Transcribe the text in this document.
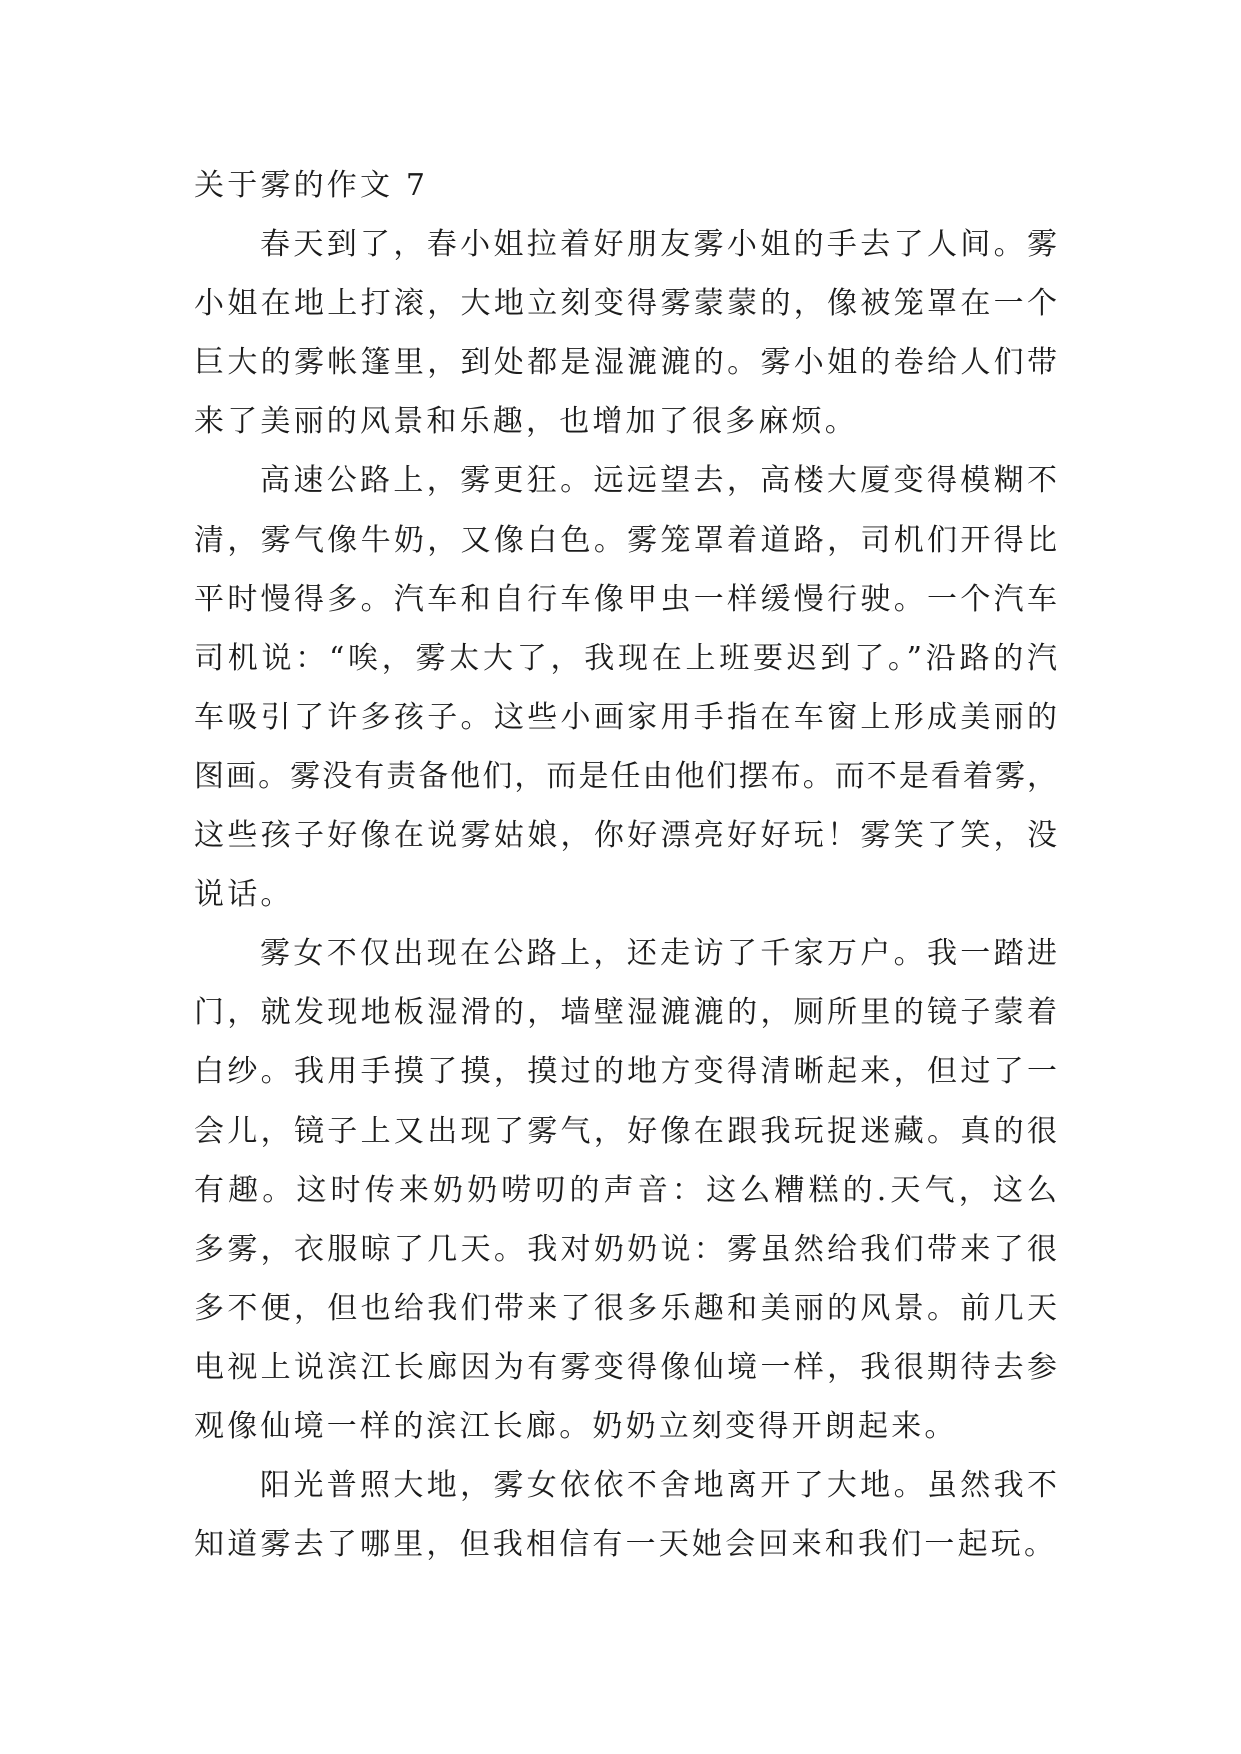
关于雾的作文 7
春天到了，春小姐拉着好朋友雾小姐的手去了人间。雾
小姐在地上打滚，大地立刻变得雾蒙蒙的，像被笼罩在一个
巨大的雾帐篷里，到处都是湿漉漉的。雾小姐的卷给人们带
来了美丽的风景和乐趣，也增加了很多麻烦。
高速公路上，雾更狂。远远望去，高楼大厦变得模糊不
清，雾气像牛奶，又像白色。雾笼罩着道路，司机们开得比
平时慢得多。汽车和自行车像甲虫一样缓慢行驶。一个汽车
司机说：“唉，雾太大了，我现在上班要迟到了。”沿路的汽
车吸引了许多孩子。这些小画家用手指在车窗上形成美丽的
图画。雾没有责备他们，而是任由他们摆布。而不是看着雾，
这些孩子好像在说雾姑娘，你好漂亮好好玩！雾笑了笑，没
说话。
雾女不仅出现在公路上，还走访了千家万户。我一踏进
门，就发现地板湿滑的，墙壁湿漉漉的，厕所里的镜子蒙着
白纱。我用手摸了摸，摸过的地方变得清晰起来，但过了一
会儿，镜子上又出现了雾气，好像在跟我玩捉迷藏。真的很
有趣。这时传来奶奶唠叨的声音：这么糟糕的.天气，这么
多雾，衣服晾了几天。我对奶奶说：雾虽然给我们带来了很
多不便，但也给我们带来了很多乐趣和美丽的风景。前几天
电视上说滨江长廊因为有雾变得像仙境一样，我很期待去参
观像仙境一样的滨江长廊。奶奶立刻变得开朗起来。
阳光普照大地，雾女依依不舍地离开了大地。虽然我不
知道雾去了哪里，但我相信有一天她会回来和我们一起玩。
